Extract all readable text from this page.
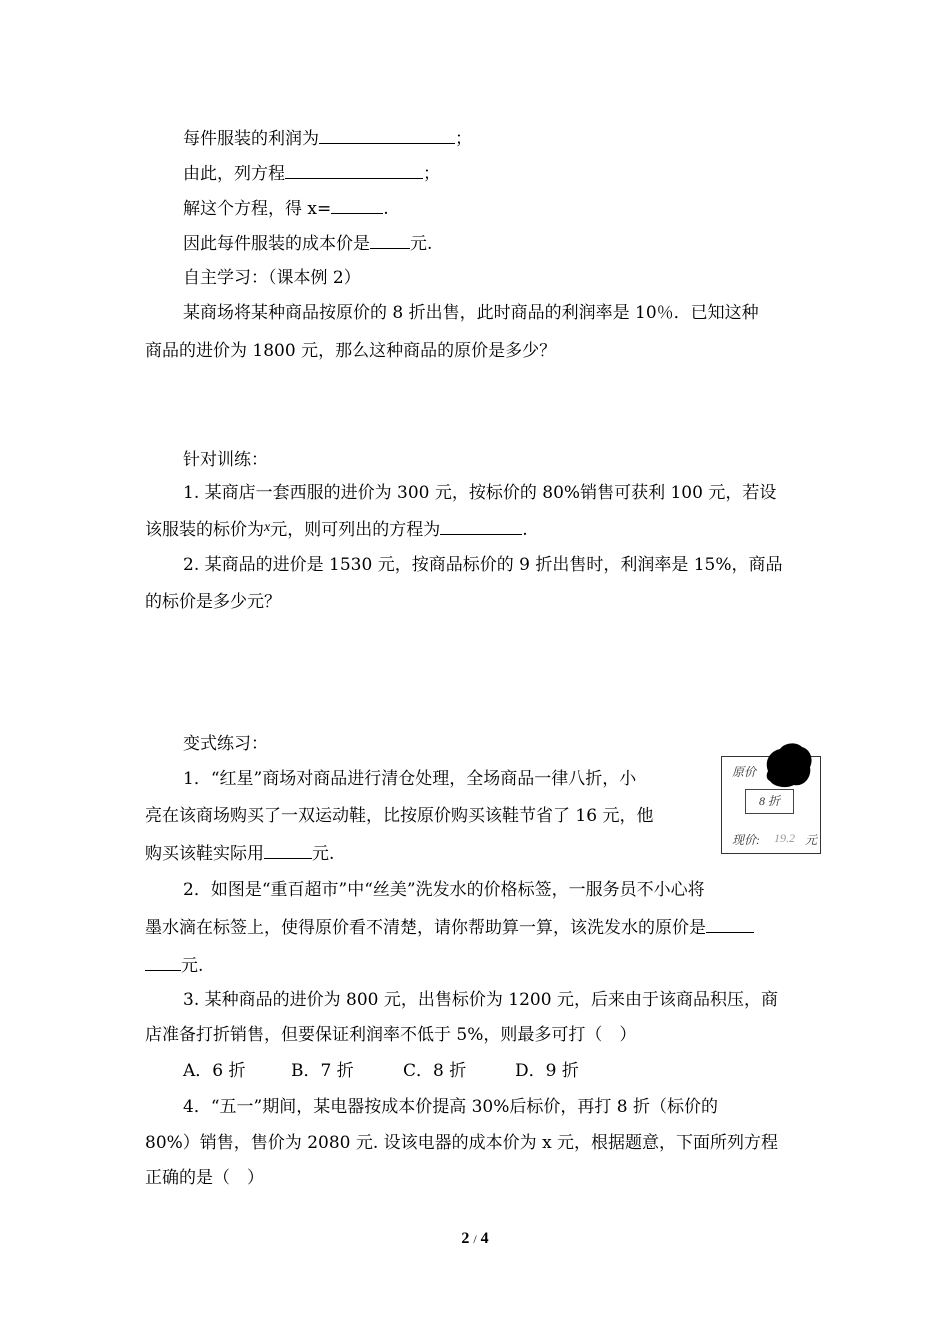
每件服装的利润为	；
由此，列方程	；
解这个方程，得 x=	.
因此每件服装的成本价是 元.
自主学习：（课本例 2）
某商场将某种商品按原价的 8 折出售，此时商品的利润率是 10％．已知这种
商品的进价为 1800 元，那么这种商品的原价是多少？
针对训练：
1. 某商店一套西服的进价为 300 元，按标价的 80%销售可获利 100 元，若设
该服装的标价为$^x$元，则可列出的方程为	.
2. 某商品的进价是 1530 元，按商品标价的 9 折出售时，利润率是 15%，商品
的标价是多少元？
变式练习：
1．“红星”商场对商品进行清仓处理，全场商品一律八折，小
亮在该商场购买了一双运动鞋，比按原价购买该鞋节省了 16 元，他
购买该鞋实际用	元.
原价
8 折
现价: 19.2 元
2．如图是“重百超市”中“丝美”洗发水的价格标签，一服务员不小心将
墨水滴在标签上，使得原价看不清楚，请你帮助算一算，该洗发水的原价是
元.
3. 某种商品的进价为 800 元，出售标价为 1200 元，后来由于该商品积压，商
店准备打折销售，但要保证利润率不低于 5%，则最多可打（　）
A．6 折	B．7 折	C．8 折	D．9 折
4．“五一”期间，某电器按成本价提高 30%后标价，再打 8 折（标价的
80%）销售，售价为 2080 元. 设该电器的成本价为 x 元，根据题意，下面所列方程
正确的是（　）
2 / 4
